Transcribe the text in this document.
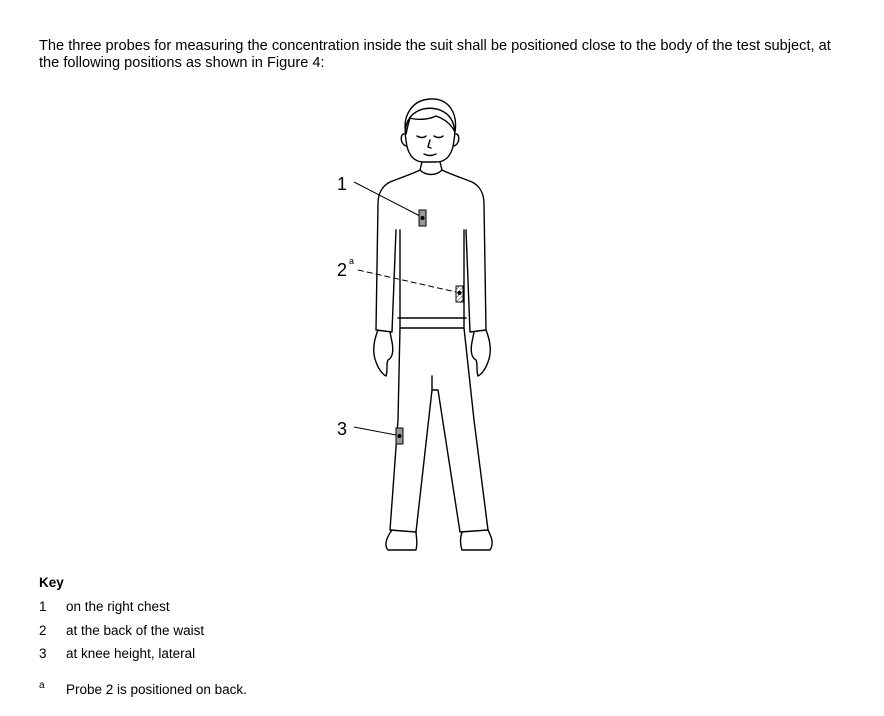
The three probes for measuring the concentration inside the suit shall be positioned close to the body of the test subject, at the following positions as shown in Figure 4:

1
2 a
3

Key

1	on the right chest
2	at the back of the waist
3	at knee height, lateral
a Probe 2 is positioned on back.
